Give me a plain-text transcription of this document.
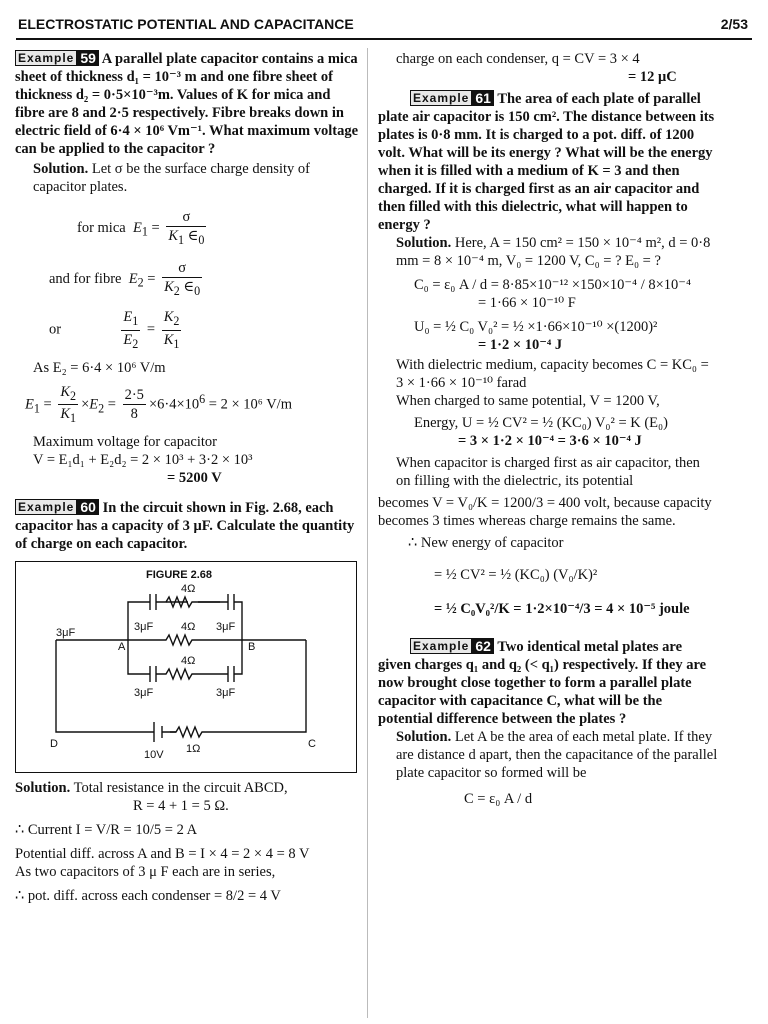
ELECTROSTATIC POTENTIAL AND CAPACITANCE	2/53

Example 59 A parallel plate capacitor contains a mica sheet of thickness d₁ = 10⁻³ m and one fibre sheet of thickness d₂ = 0·5×10⁻³m. Values of K for mica and fibre are 8 and 2·5 respectively. Fibre breaks down in electric field of 6·4 × 10⁶ Vm⁻¹. What maximum voltage can be applied to the capacitor ?

Solution. Let σ be the surface charge density of capacitor plates.

for mica $E_1 = \frac{\sigma}{K_1 \in_0}$
and for fibre $E_2 = \frac{\sigma}{K_2 \in_0}$
or	$\frac{E_1}{E_2} = \frac{K_2}{K_1}$

As E₂ = 6·4 × 10⁶ V/m

$E_1 = \frac{K_2}{K_1} \times E_2 = \frac{2\cdot 5}{8} \times 6\cdot 4\times 10^6 = 2 \times 10^6$ V/m

Maximum voltage for capacitor

V = E₁d₁ + E₂d₂ = 2 × 10³ + 3·2 × 10³

= 5200 V

Example 60 In the circuit shown in Fig. 2.68, each capacitor has a capacity of 3 μF. Calculate the quantity of charge on each capacitor.

FIGURE 2.68
4Ω
3μF	3μF	4Ω 3μF
A	B
4Ω
3μF	3μF
D	C
10V 1Ω

Solution. Total resistance in the circuit ABCD,

R = 4 + 1 = 5 Ω.

∴ Current I = V/R = 10/5 = 2 A

Potential diff. across A and B = I × 4 = 2 × 4 = 8 V

As two capacitors of 3 μ F each are in series,

∴ pot. diff. across each condenser = 8/2 = 4 V

charge on each condenser, q = CV = 3 × 4

= 12 μC

Example 61 The area of each plate of parallel plate air capacitor is 150 cm². The distance between its plates is 0·8 mm. It is charged to a pot. diff. of 1200 volt. What will be its energy ? What will be the energy when it is filled with a medium of K = 3 and then charged. If it is charged first as an air capacitor and then filled with this dielectric, what will happen to energy ?

Solution. Here, A = 150 cm² = 150 × 10⁻⁴ m², d = 0·8 mm = 8 × 10⁻⁴ m, V₀ = 1200 V, C₀ = ? E₀ = ?

C₀ = ε₀ A / d = 8·85×10⁻¹² ×150×10⁻⁴ / 8×10⁻⁴

= 1·66 × 10⁻¹⁰ F

U₀ = ½ C₀ V₀² = ½ ×1·66×10⁻¹⁰ ×(1200)²

= 1·2 × 10⁻⁴ J

With dielectric medium, capacity becomes C = KC₀ = 3 × 1·66 × 10⁻¹⁰ farad

When charged to same potential, V = 1200 V,

Energy, U = ½ CV² = ½ (KC₀) V₀² = K (E₀)

= 3 × 1·2 × 10⁻⁴ = 3·6 × 10⁻⁴ J

When capacitor is charged first as air capacitor, then on filling with the dielectric, its potential

becomes V = V₀/K = 1200/3 = 400 volt, because capacity becomes 3 times whereas charge remains the same.

∴ New energy of capacitor

= ½ CV² = ½ (KC₀) (V₀/K)²

= ½ C₀V₀²/K = 1·2×10⁻⁴/3 = 4 × 10⁻⁵ joule

Example 62 Two identical metal plates are given charges q₁ and q₂ (< q₁) respectively. If they are now brought close together to form a parallel plate capacitor with capacitance C, what will be the potential difference between the plates ?

Solution. Let A be the area of each metal plate. If they are distance d apart, then the capacitance of the parallel plate capacitor so formed will be

C = ε₀ A / d
